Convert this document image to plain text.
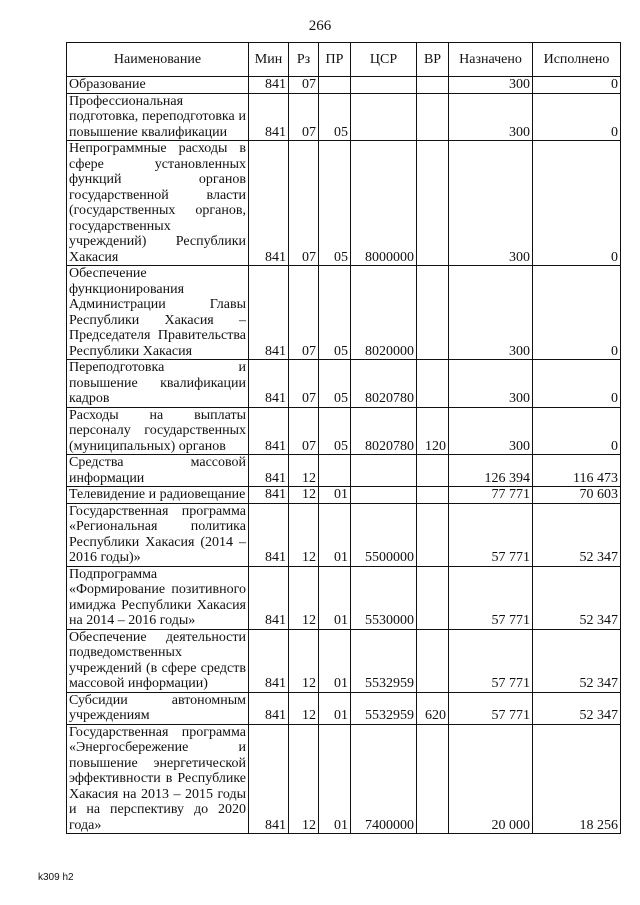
266
Наименование	Мин	Рз	ПР	ЦСР	ВР	Назначено	Исполнено
Образование	841	07				300	0
Профессиональная подготовка, переподготовка и повышение квалификации	841	07	05			300	0
Непрограммные расходы в сфере установленных функций органов государственной власти (государственных органов, государственных учреждений) Республики Хакасия	841	07	05	8000000		300	0
Обеспечение функционирования Администрации Главы Республики Хакасия – Председателя Правительства Республики Хакасия	841	07	05	8020000		300	0
Переподготовка и повышение квалификации кадров	841	07	05	8020780		300	0
Расходы на выплаты персоналу государственных (муниципальных) органов	841	07	05	8020780	120	300	0
Средства массовой информации	841	12				126 394	116 473
Телевидение и радиовещание	841	12	01			77 771	70 603
Государственная программа «Региональная политика Республики Хакасия (2014 – 2016 годы)»	841	12	01	5500000		57 771	52 347
Подпрограмма «Формирование позитивного имиджа Республики Хакасия на 2014 – 2016 годы»	841	12	01	5530000		57 771	52 347
Обеспечение деятельности подведомственных учреждений (в сфере средств массовой информации)	841	12	01	5532959		57 771	52 347
Субсидии автономным учреждениям	841	12	01	5532959	620	57 771	52 347
Государственная программа «Энергосбережение и повышение энергетической эффективности в Республике Хакасия на 2013 – 2015 годы и на перспективу до 2020 года»	841	12	01	7400000		20 000	18 256
k309 h2
